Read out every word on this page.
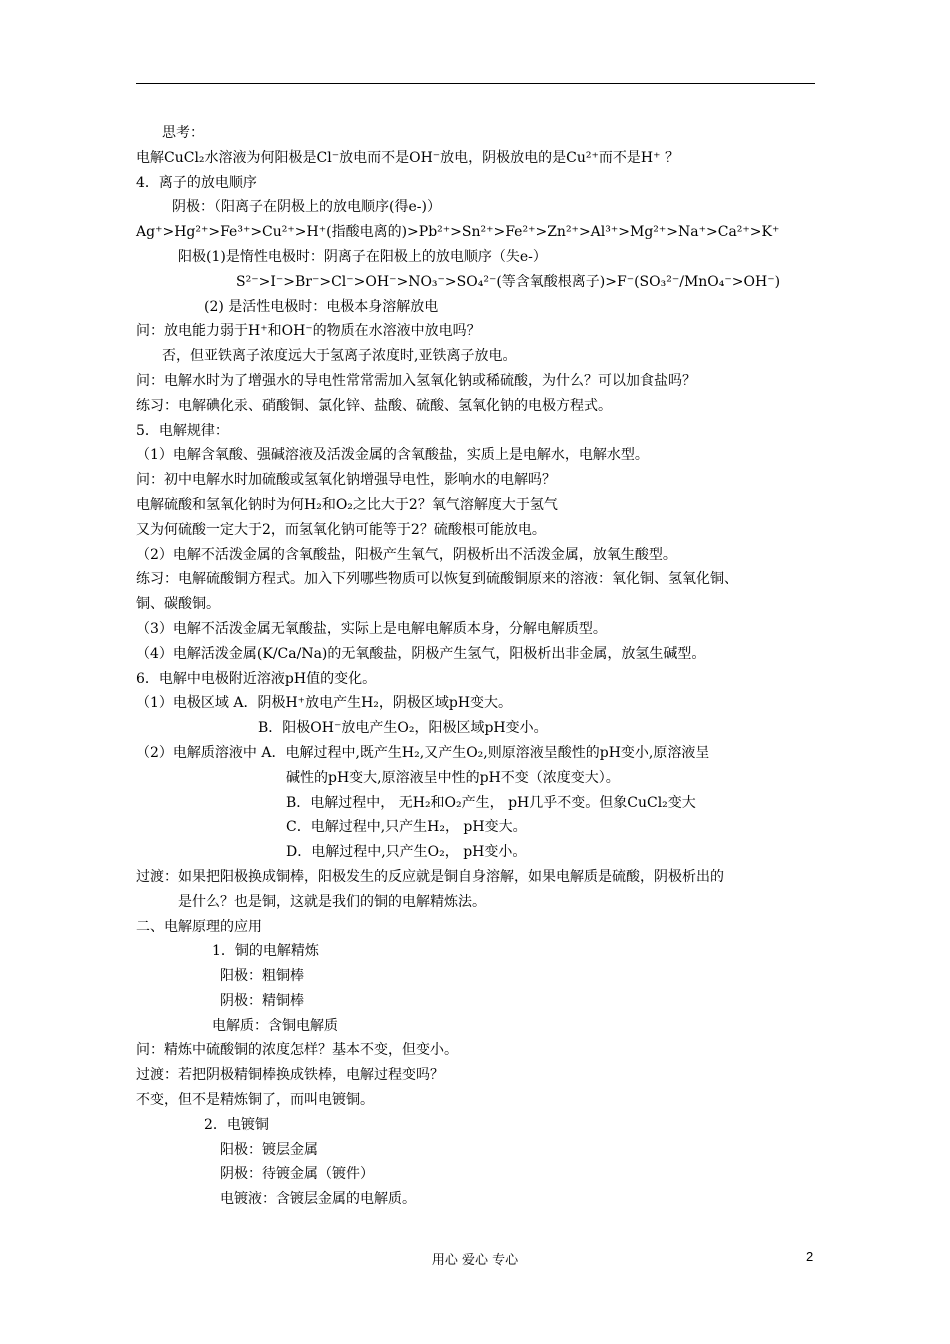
思考：
电解CuCl₂水溶液为何阳极是Cl⁻放电而不是OH⁻放电，阴极放电的是Cu²⁺而不是H⁺ ？
4．离子的放电顺序
阴极：（阳离子在阴极上的放电顺序(得e-)）
Ag⁺>Hg²⁺>Fe³⁺>Cu²⁺>H⁺(指酸电离的)>Pb²⁺>Sn²⁺>Fe²⁺>Zn²⁺>Al³⁺>Mg²⁺>Na⁺>Ca²⁺>K⁺
阳极(1)是惰性电极时：阴离子在阳极上的放电顺序（失e-）
S²⁻>I⁻>Br⁻>Cl⁻>OH⁻>NO₃⁻>SO₄²⁻(等含氧酸根离子)>F⁻(SO₃²⁻/MnO₄⁻>OH⁻)
(2) 是活性电极时：电极本身溶解放电
问：放电能力弱于H⁺和OH⁻的物质在水溶液中放电吗？
否，但亚铁离子浓度远大于氢离子浓度时,亚铁离子放电。
问：电解水时为了增强水的导电性常常需加入氢氧化钠或稀硫酸，为什么？可以加食盐吗？
练习：电解碘化汞、硝酸铜、氯化锌、盐酸、硫酸、氢氧化钠的电极方程式。
5．电解规律：
（1）电解含氧酸、强碱溶液及活泼金属的含氧酸盐，实质上是电解水，电解水型。
问：初中电解水时加硫酸或氢氧化钠增强导电性，影响水的电解吗？
电解硫酸和氢氧化钠时为何H₂和O₂之比大于2？氧气溶解度大于氢气
又为何硫酸一定大于2，而氢氧化钠可能等于2？硫酸根可能放电。
（2）电解不活泼金属的含氧酸盐，阳极产生氧气，阴极析出不活泼金属，放氧生酸型。
练习：电解硫酸铜方程式。加入下列哪些物质可以恢复到硫酸铜原来的溶液：氧化铜、氢氧化铜、
铜、碳酸铜。
（3）电解不活泼金属无氧酸盐，实际上是电解电解质本身，分解电解质型。
（4）电解活泼金属(K/Ca/Na)的无氧酸盐，阴极产生氢气，阳极析出非金属，放氢生碱型。
6．电解中电极附近溶液pH值的变化。
（1）电极区域 A．阴极H⁺放电产生H₂，阴极区域pH变大。
B．阳极OH⁻放电产生O₂，阳极区域pH变小。
（2）电解质溶液中 A．电解过程中,既产生H₂,又产生O₂,则原溶液呈酸性的pH变小,原溶液呈
碱性的pH变大,原溶液呈中性的pH不变（浓度变大）。
B．电解过程中， 无H₂和O₂产生， pH几乎不变。但象CuCl₂变大
C．电解过程中,只产生H₂， pH变大。
D．电解过程中,只产生O₂， pH变小。
过渡：如果把阳极换成铜棒，阳极发生的反应就是铜自身溶解，如果电解质是硫酸，阴极析出的
是什么？也是铜，这就是我们的铜的电解精炼法。
二、电解原理的应用
1．铜的电解精炼
阳极：粗铜棒
阴极：精铜棒
电解质：含铜电解质
问：精炼中硫酸铜的浓度怎样？基本不变，但变小。
过渡：若把阴极精铜棒换成铁棒，电解过程变吗？
不变，但不是精炼铜了，而叫电镀铜。
2．电镀铜
阳极：镀层金属
阴极：待镀金属（镀件）
电镀液：含镀层金属的电解质。
用心 爱心 专心	2
